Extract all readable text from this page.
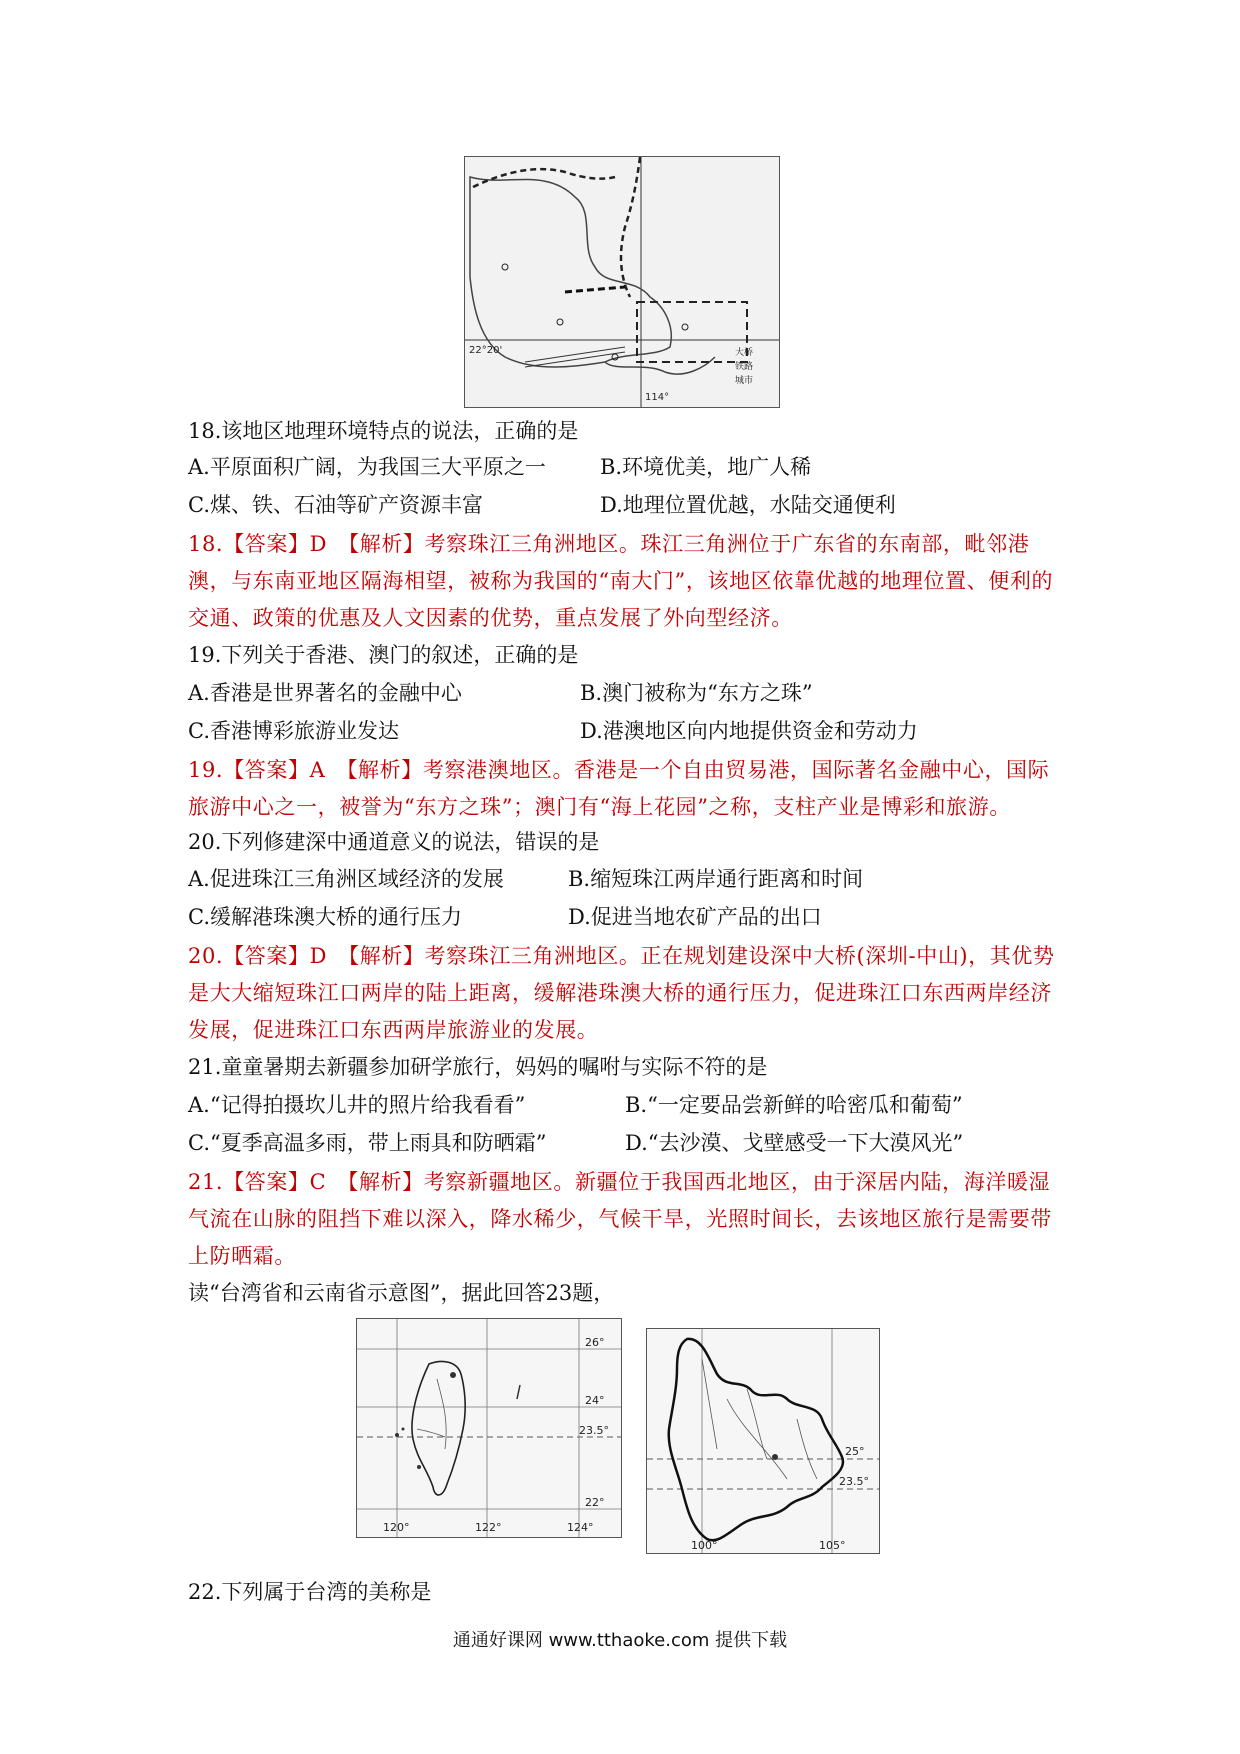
22°20'
114°
大桥
铁路
城市
18.该地区地理环境特点的说法，正确的是
A.平原面积广阔，为我国三大平原之一	B.环境优美，地广人稀
C.煤、铁、石油等矿产资源丰富	D.地理位置优越，水陆交通便利
18.【答案】D　【解析】考察珠江三角洲地区。珠江三角洲位于广东省的东南部，毗邻港澳，与东南亚地区隔海相望，被称为我国的“南大门”，该地区依靠优越的地理位置、便利的交通、政策的优惠及人文因素的优势，重点发展了外向型经济。
19.下列关于香港、澳门的叙述，正确的是
A.香港是世界著名的金融中心	B.澳门被称为“东方之珠”
C.香港博彩旅游业发达	D.港澳地区向内地提供资金和劳动力
19.【答案】A　【解析】考察港澳地区。香港是一个自由贸易港，国际著名金融中心，国际旅游中心之一，被誉为“东方之珠”；澳门有“海上花园”之称，支柱产业是博彩和旅游。
20.下列修建深中通道意义的说法，错误的是
A.促进珠江三角洲区域经济的发展	B.缩短珠江两岸通行距离和时间
C.缓解港珠澳大桥的通行压力	D.促进当地农矿产品的出口
20.【答案】D　【解析】考察珠江三角洲地区。正在规划建设深中大桥(深圳-中山)，其优势是大大缩短珠江口两岸的陆上距离，缓解港珠澳大桥的通行压力，促进珠江口东西两岸经济发展，促进珠江口东西两岸旅游业的发展。
21.童童暑期去新疆参加研学旅行，妈妈的嘱咐与实际不符的是
A.“记得拍摄坎儿井的照片给我看看”	B.“一定要品尝新鲜的哈密瓜和葡萄”
C.“夏季高温多雨，带上雨具和防晒霜”	D.“去沙漠、戈壁感受一下大漠风光”
21.【答案】C　【解析】考察新疆地区。新疆位于我国西北地区，由于深居内陆，海洋暖湿气流在山脉的阻挡下难以深入，降水稀少，气候干旱，光照时间长，去该地区旅行是需要带上防晒霜。
读“台湾省和云南省示意图”，据此回答23题，
26°
24°
23.5°
22°
120°	122°	124°
25°
23.5°
100°	105°
22.下列属于台湾的美称是
通通好课网 www.tthaoke.com 提供下载
